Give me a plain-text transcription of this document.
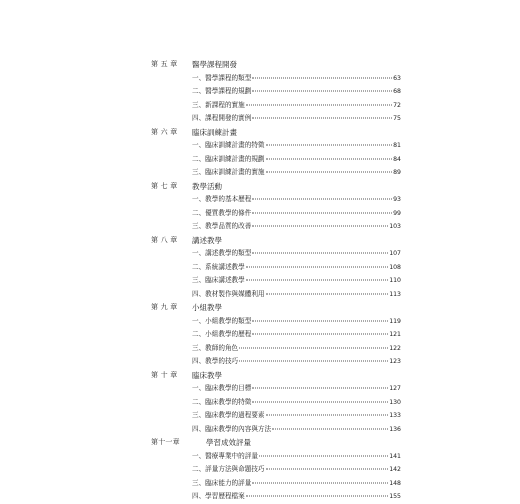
第 五 章	醫學課程開發
一、醫學課程的類型	63
二、醫學課程的規劃	68
三、新課程的實施	72
四、課程開發的實例	75
第 六 章	臨床訓練計畫
一、臨床訓練計畫的特徵	81
二、臨床訓練計畫的規劃	84
三、臨床訓練計畫的實施	89
第 七 章	教學活動
一、教學的基本歷程	93
二、優質教學的條件	99
三、教學品質的改善	103
第 八 章	講述教學
一、講述教學的類型	107
二、系統講述教學	108
三、臨床講述教學	110
四、教材製作與媒體利用	113
第 九 章	小組教學
一、小組教學的類型	119
二、小組教學的歷程	121
三、教師的角色	122
四、教學的技巧	123
第 十 章	臨床教學
一、臨床教學的目標	127
二、臨床教學的特徵	130
三、臨床教學的過程要素	133
四、臨床教學的內容與方法	136
第十一章	學習成效評量
一、醫療專業中的評量	141
二、評量方法與命題技巧	142
三、臨床能力的評量	148
四、學習歷程檔案	155
